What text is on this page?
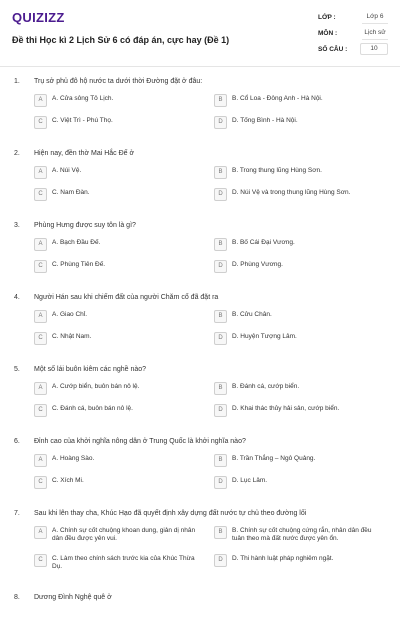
QUIZIZZ
Đề thi Học kì 2 Lịch Sử 6 có đáp án, cực hay (Đề 1)
LỚP :	Lớp 6
MÔN :	Lịch sử
SỐ CÂU :	10
1.	Trụ sở phủ đô hộ nước ta dưới thời Đường đặt ở đâu:
A	A. Cửa sông Tô Lịch.	B	B. Cổ Loa - Đông Anh - Hà Nội.
C	C. Việt Trì - Phú Thọ.	D	D. Tống Bình - Hà Nội.
2.	Hiện nay, đền thờ Mai Hắc Đế ở
A	A. Núi Vệ.	B	B. Trong thung lũng Hùng Sơn.
C	C. Nam Đàn.	D	D. Núi Vệ và trong thung lũng Hùng Sơn.
3.	Phùng Hưng được suy tôn là gì?
A	A. Bạch Đầu Đế.	B	B. Bố Cái Đại Vương.
C	C. Phùng Tiên Đế.	D	D. Phùng Vương.
4.	Người Hán sau khi chiếm đất của người Chăm cổ đã đặt ra
A	A. Giao Chỉ.	B	B. Cửu Chân.
C	C. Nhật Nam.	D	D. Huyện Tượng Lâm.
5.	Một số lái buôn kiêm các nghề nào?
A	A. Cướp biển, buôn bán nô lệ.	B	B. Đánh cá, cướp biển.
C	C. Đánh cá, buôn bán nô lệ.	D	D. Khai thác thủy hải sản, cướp biển.
6.	Đỉnh cao của khởi nghĩa nông dân ở Trung Quốc là khởi nghĩa nào?
A	A. Hoàng Sào.	B	B. Trần Thắng – Ngô Quảng.
C	C. Xích Mi.	D	D. Lục Lâm.
7.	Sau khi lên thay cha, Khúc Hạo đã quyết định xây dựng đất nước tự chủ theo đường lối
A	A. Chính sự cốt chuộng khoan dung, giản dị nhân dân đều được yên vui.
B	B. Chính sự cốt chuộng cứng rắn, nhân dân đều tuân theo mà đất nước được yên ổn.
C	C. Làm theo chính sách trước kia của Khúc Thừa Dụ.
D	D. Thi hành luật pháp nghiêm ngặt.
8.	Dương Đình Nghệ quê ở
